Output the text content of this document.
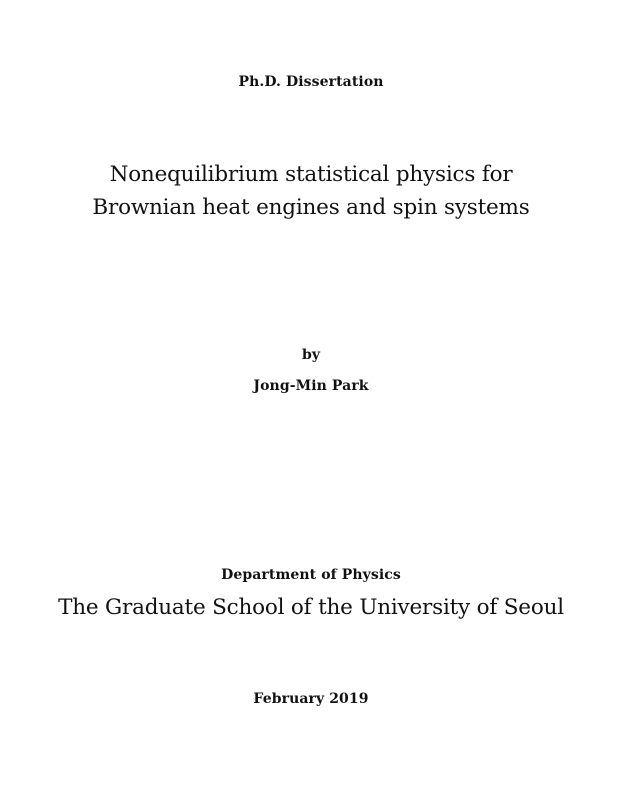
Ph.D. Dissertation

Nonequilibrium statistical physics for

Brownian heat engines and spin systems

by

Jong-Min Park

Department of Physics

The Graduate School of the University of Seoul

February 2019
